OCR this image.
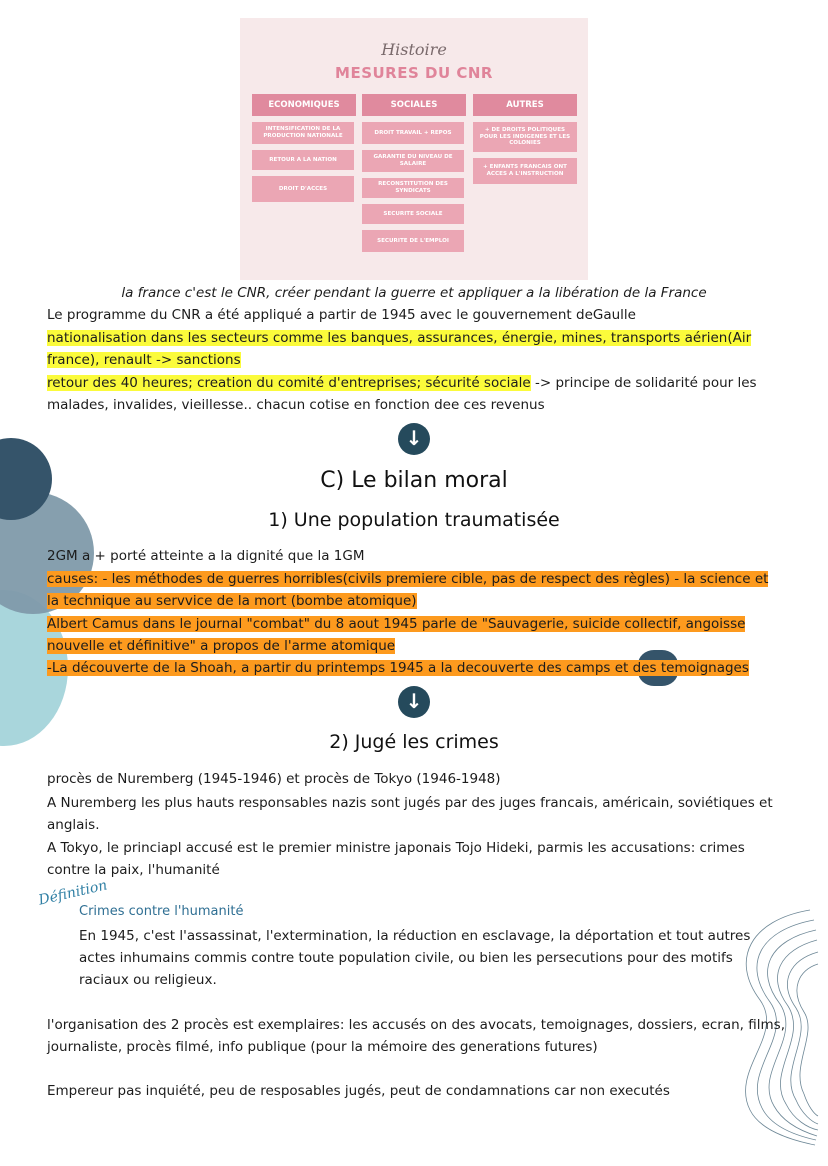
Histoire
MESURES DU CNR
ECONOMIQUES	SOCIALES	AUTRES
INTENSIFICATION DE LA PRODUCTION NATIONALE
RETOUR A LA NATION
DROIT D'ACCES
DROIT TRAVAIL + REPOS
GARANTIE DU NIVEAU DE SALAIRE
RECONSTITUTION DES SYNDICATS
SECURITE SOCIALE
SECURITE DE L'EMPLOI
+ DE DROITS POLITIQUES POUR LES INDIGENES ET LES COLONIES
+ ENFANTS FRANCAIS ONT ACCES A L'INSTRUCTION
la france c'est le CNR, créer pendant la guerre et appliquer a la libération de la France
Le programme du CNR a été appliqué a partir de 1945 avec le gouvernement deGaulle
nationalisation dans les secteurs comme les banques, assurances, énergie, mines, transports aérien(Air
france), renault -> sanctions
retour des 40 heures; creation du comité d'entreprises; sécurité sociale -> principe de solidarité pour les
malades, invalides, vieillesse.. chacun cotise en fonction dee ces revenus
↓
C) Le bilan moral
1) Une population traumatisée
2GM a + porté atteinte a la dignité que la 1GM
causes: - les méthodes de guerres horribles(civils premiere cible, pas de respect des règles) - la science et
la technique au servvice de la mort (bombe atomique)
Albert Camus dans le journal "combat" du 8 aout 1945 parle de "Sauvagerie, suicide collectif, angoisse
nouvelle et définitive" a propos de l'arme atomique
-La découverte de la Shoah, a partir du printemps 1945 a la decouverte des camps et des temoignages
↓
2) Jugé les crimes
procès de Nuremberg (1945-1946) et procès de Tokyo (1946-1948)
A Nuremberg les plus hauts responsables nazis sont jugés par des juges francais, américain, soviétiques et
anglais.
A Tokyo, le princiapl accusé est le premier ministre japonais Tojo Hideki, parmis les accusations: crimes
contre la paix, l'humanité
Définition
Crimes contre l'humanité
En 1945, c'est l'assassinat, l'extermination, la réduction en esclavage, la déportation et tout autres
actes inhumains commis contre toute population civile, ou bien les persecutions pour des motifs
raciaux ou religieux.
l'organisation des 2 procès est exemplaires: les accusés on des avocats, temoignages, dossiers, ecran, films,
journaliste, procès filmé, info publique (pour la mémoire des generations futures)
Empereur pas inquiété, peu de resposables jugés, peut de condamnations car non executés
